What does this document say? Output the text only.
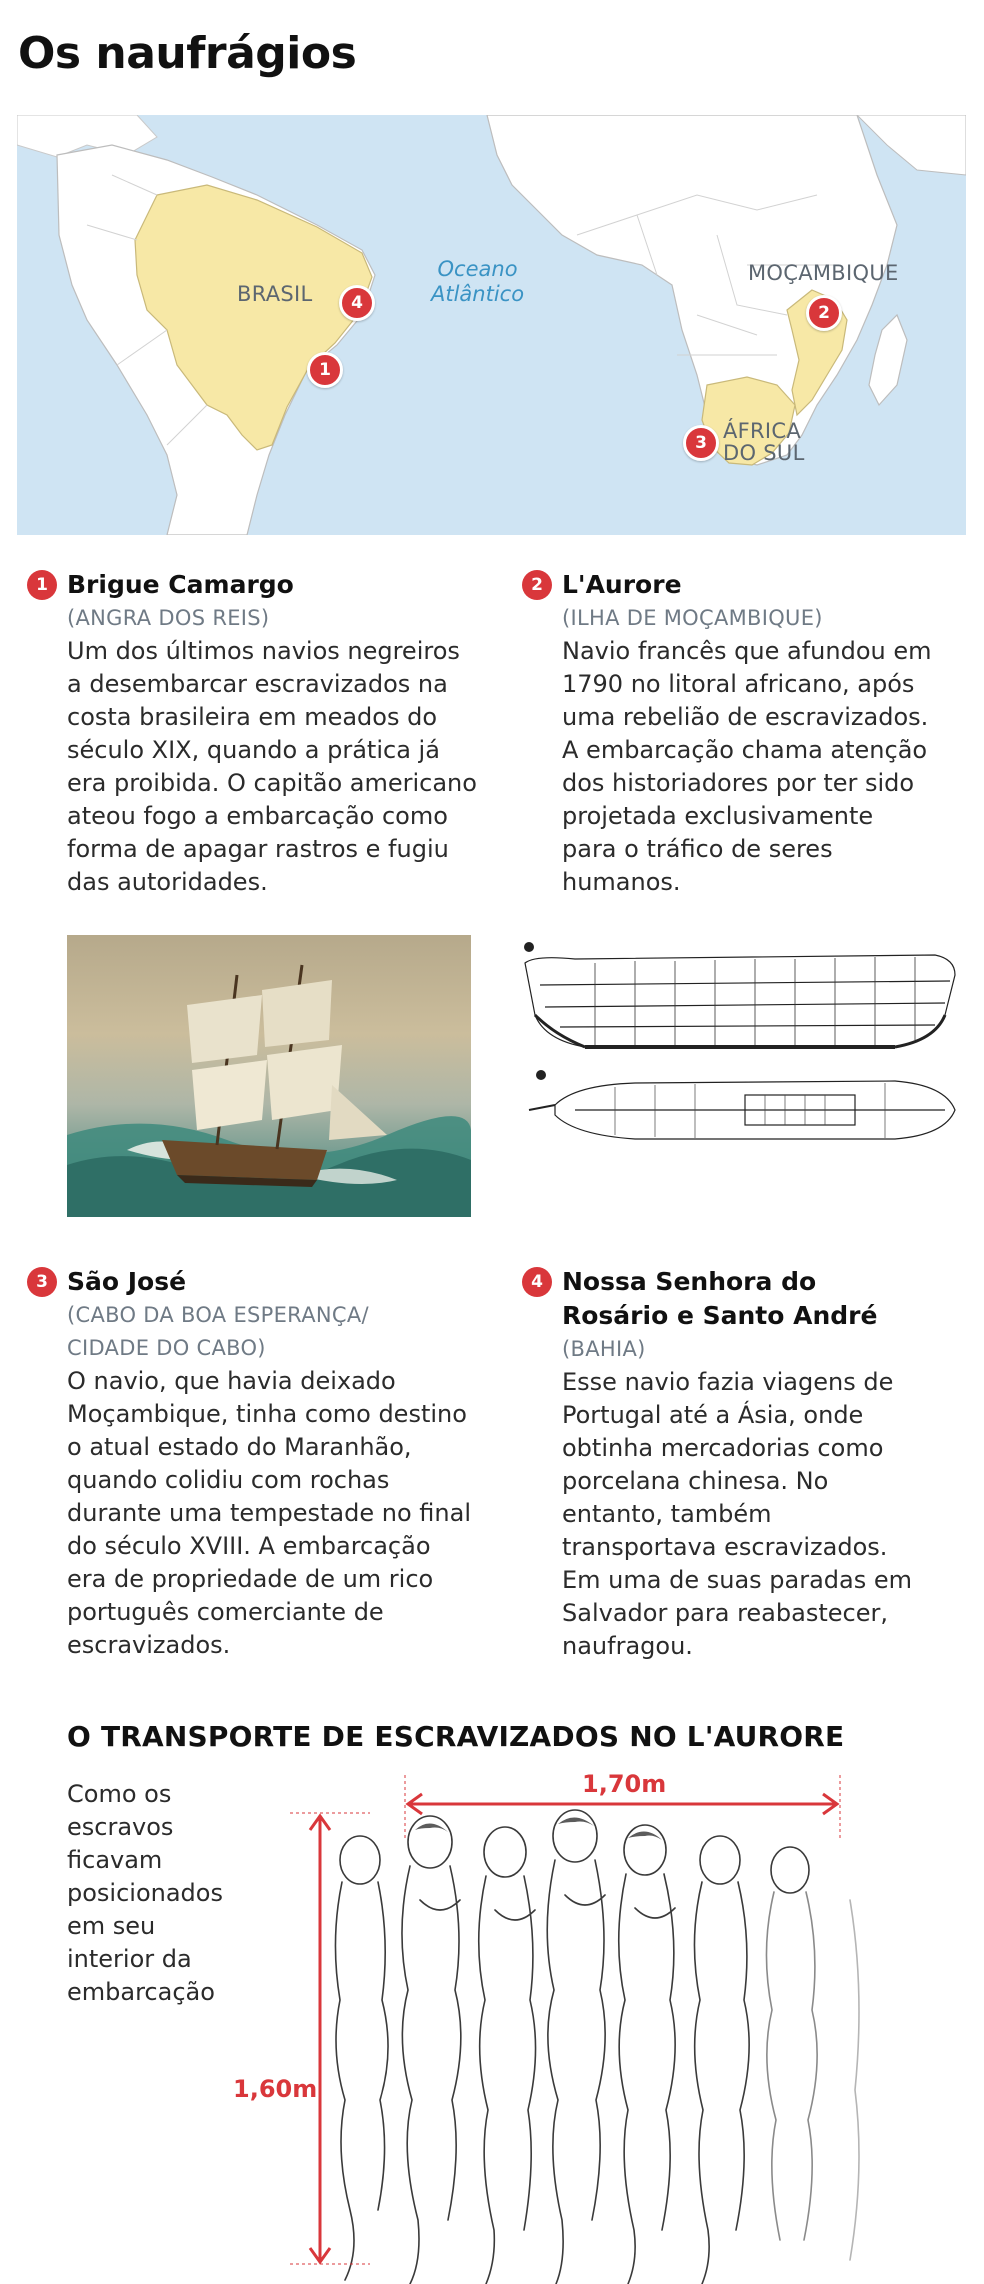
Os naufrágios
BRASIL
MOÇAMBIQUE
ÁFRICA
DO SUL
Oceano
Atlântico
4
1
2
3
1 Brigue Camargo
(ANGRA DOS REIS)
Um dos últimos navios negreiros
a desembarcar escravizados na
costa brasileira em meados do
século XIX, quando a prática já
era proibida. O capitão americano
ateou fogo a embarcação como
forma de apagar rastros e fugiu
das autoridades.
2 L'Aurore
(ILHA DE MOÇAMBIQUE)
Navio francês que afundou em
1790 no litoral africano, após
uma rebelião de escravizados.
A embarcação chama atenção
dos historiadores por ter sido
projetada exclusivamente
para o tráfico de seres
humanos.
3 São José
(CABO DA BOA ESPERANÇA/
CIDADE DO CABO)
O navio, que havia deixado
Moçambique, tinha como destino
o atual estado do Maranhão,
quando colidiu com rochas
durante uma tempestade no final
do século XVIII. A embarcação
era de propriedade de um rico
português comerciante de
escravizados.
4 Nossa Senhora do
Rosário e Santo André
(BAHIA)
Esse navio fazia viagens de
Portugal até a Ásia, onde
obtinha mercadorias como
porcelana chinesa. No
entanto, também
transportava escravizados.
Em uma de suas paradas em
Salvador para reabastecer,
naufragou.
O TRANSPORTE DE ESCRAVIZADOS NO L'AURORE
Como os
escravos
ficavam
posicionados
em seu
interior da
embarcação
1,70m
1,60m
